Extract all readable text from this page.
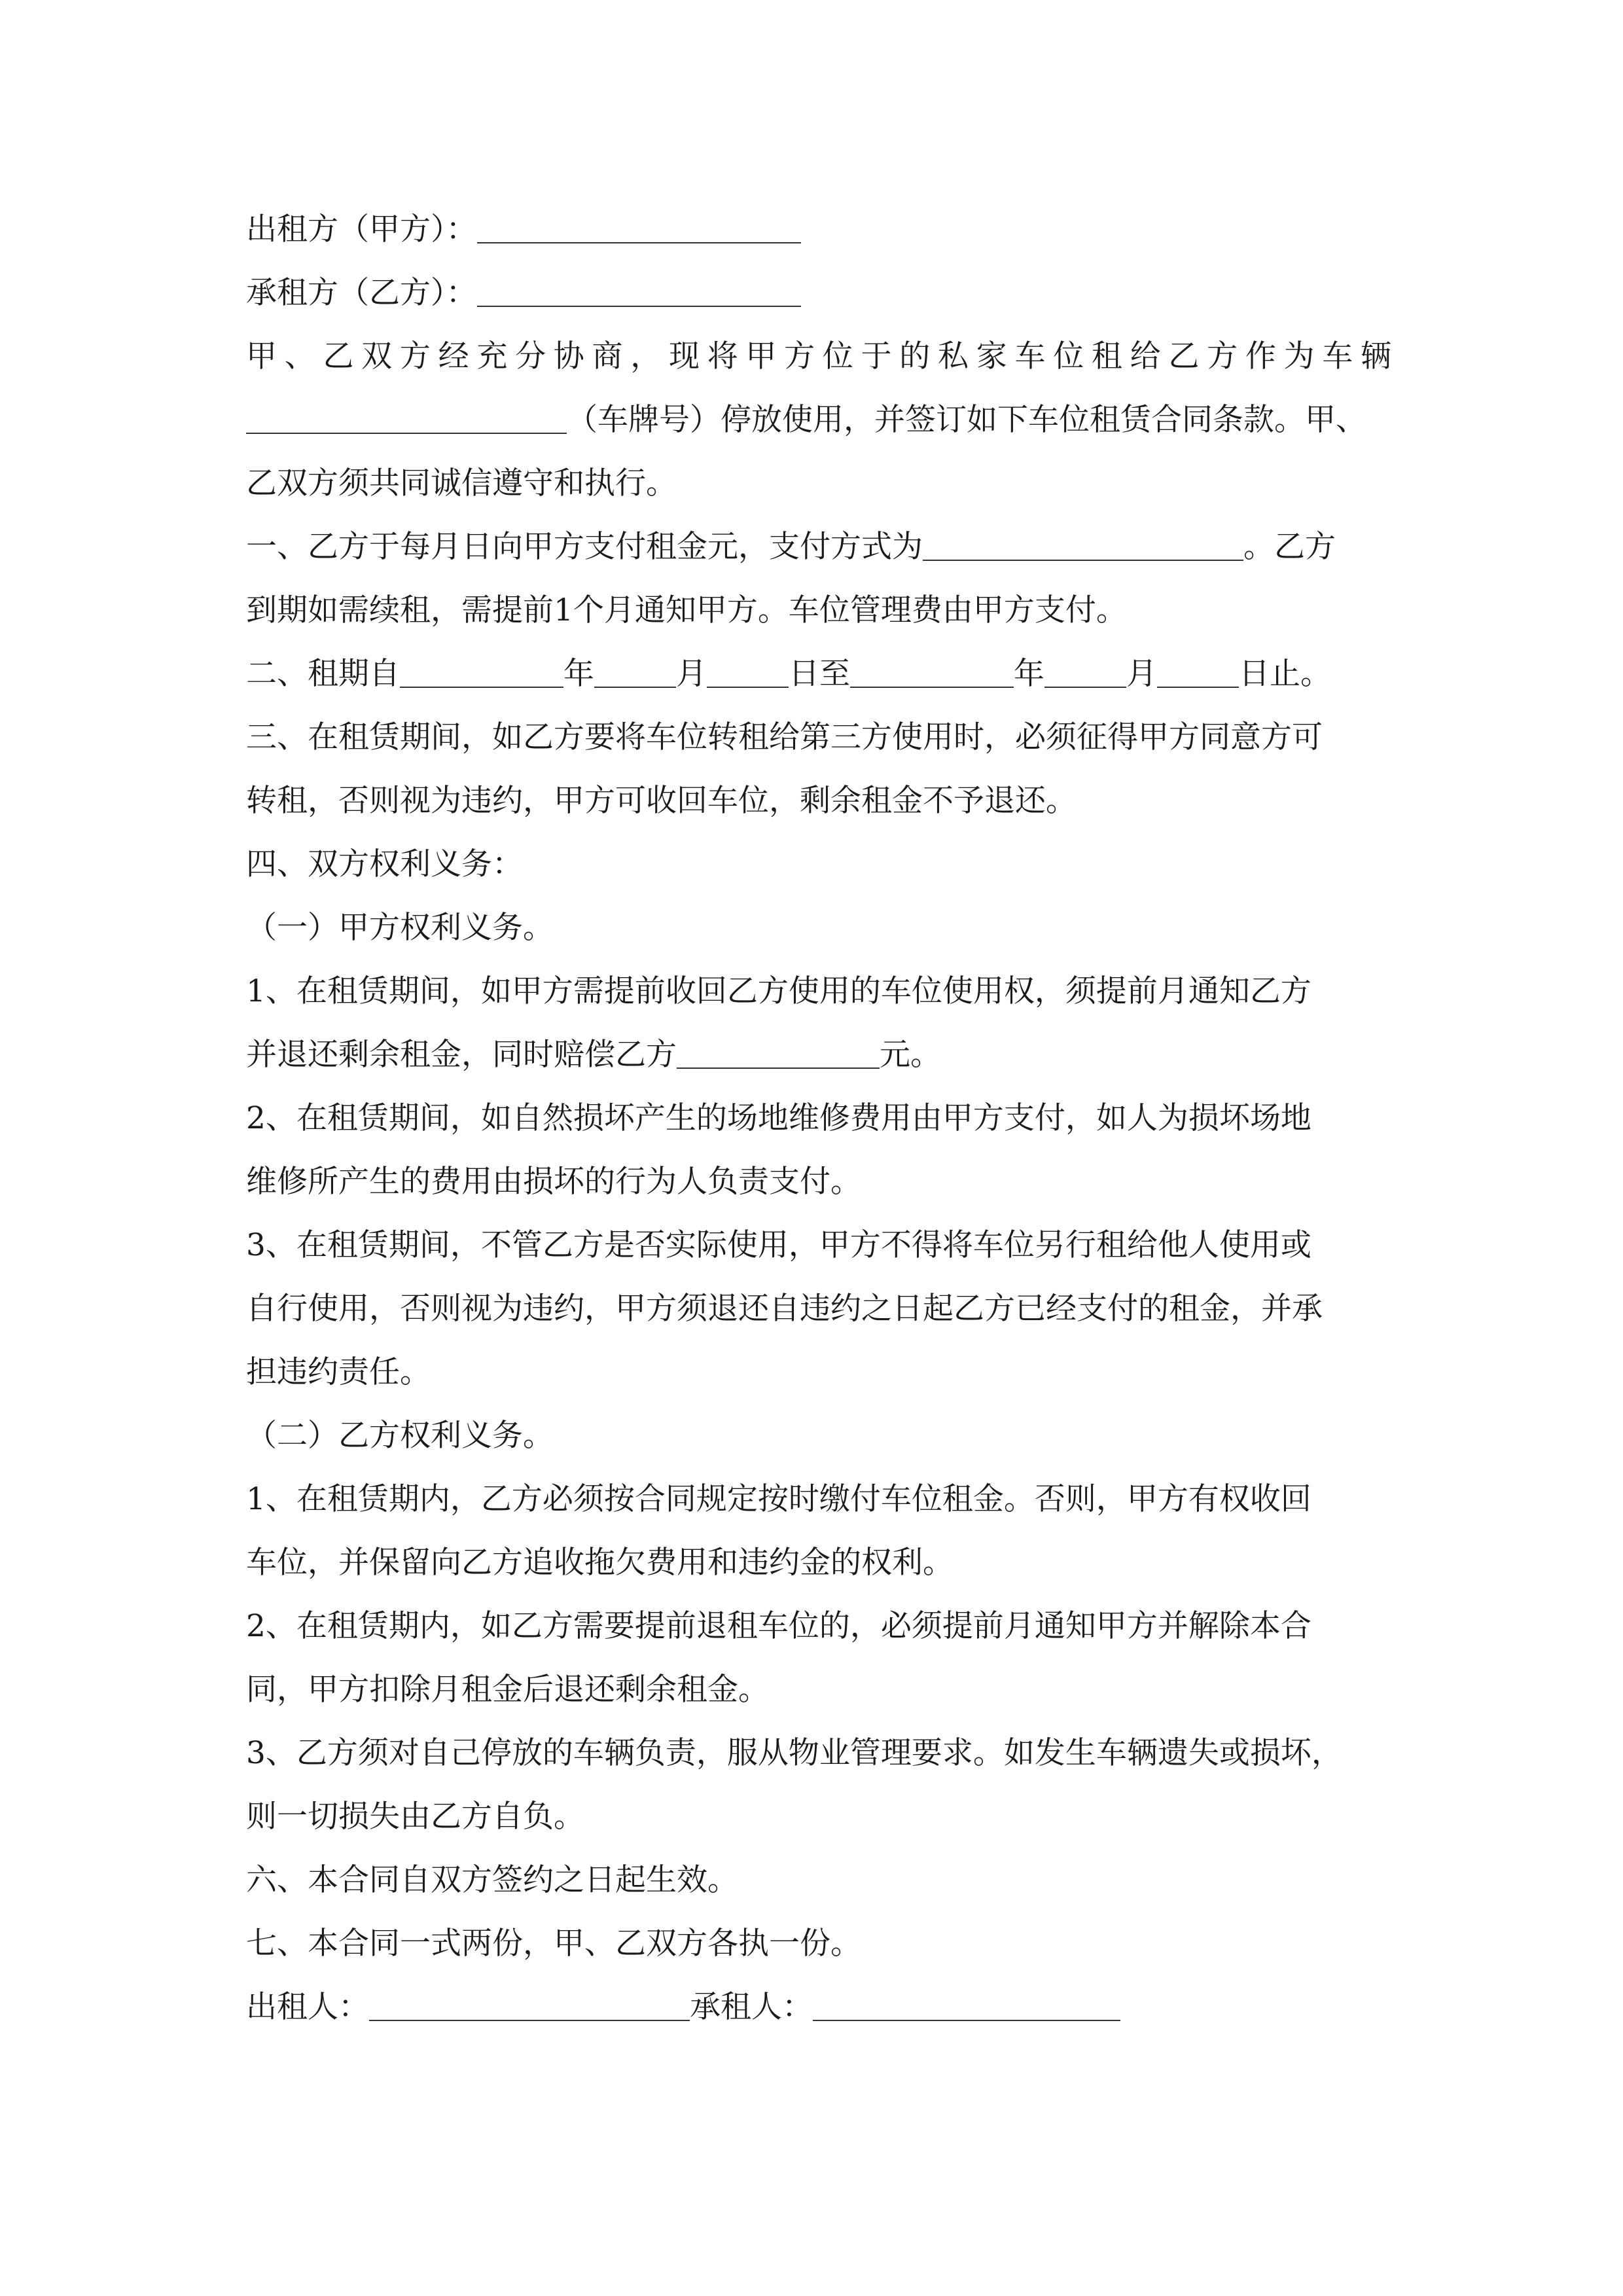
出租方（甲方）：
承租方（乙方）：
甲、乙双方经充分协商，现将甲方位于的私家车位租给乙方作为车辆
（车牌号）停放使用，并签订如下车位租赁合同条款。甲、
乙双方须共同诚信遵守和执行。
一、乙方于每月日向甲方支付租金元，支付方式为	。乙方
到期如需续租，需提前1个月通知甲方。车位管理费由甲方支付。
二、租期自	年	月	日至	年	月	日止。
三、在租赁期间，如乙方要将车位转租给第三方使用时，必须征得甲方同意方可
转租，否则视为违约，甲方可收回车位，剩余租金不予退还。
四、双方权利义务：
（一）甲方权利义务。
1、在租赁期间，如甲方需提前收回乙方使用的车位使用权，须提前月通知乙方
并退还剩余租金，同时赔偿乙方	元。
2、在租赁期间，如自然损坏产生的场地维修费用由甲方支付，如人为损坏场地
维修所产生的费用由损坏的行为人负责支付。
3、在租赁期间，不管乙方是否实际使用，甲方不得将车位另行租给他人使用或
自行使用，否则视为违约，甲方须退还自违约之日起乙方已经支付的租金，并承
担违约责任。
（二）乙方权利义务。
1、在租赁期内，乙方必须按合同规定按时缴付车位租金。否则，甲方有权收回
车位，并保留向乙方追收拖欠费用和违约金的权利。
2、在租赁期内，如乙方需要提前退租车位的，必须提前月通知甲方并解除本合
同，甲方扣除月租金后退还剩余租金。
3、乙方须对自己停放的车辆负责，服从物业管理要求。如发生车辆遗失或损坏，
则一切损失由乙方自负。
六、本合同自双方签约之日起生效。
七、本合同一式两份，甲、乙双方各执一份。
出租人：	承租人：
